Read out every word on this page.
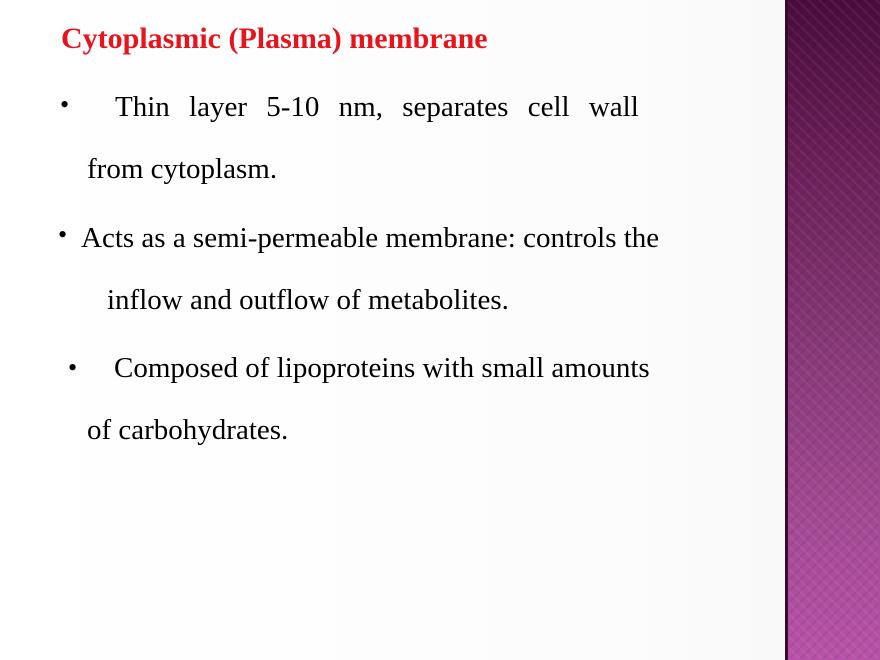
Cytoplasmic (Plasma) membrane
• Thin layer 5-10 nm, separates cell wall
from cytoplasm.
• Acts as a semi-permeable membrane: controls the
inflow and outflow of metabolites.
• Composed of lipoproteins with small amounts
of carbohydrates.
